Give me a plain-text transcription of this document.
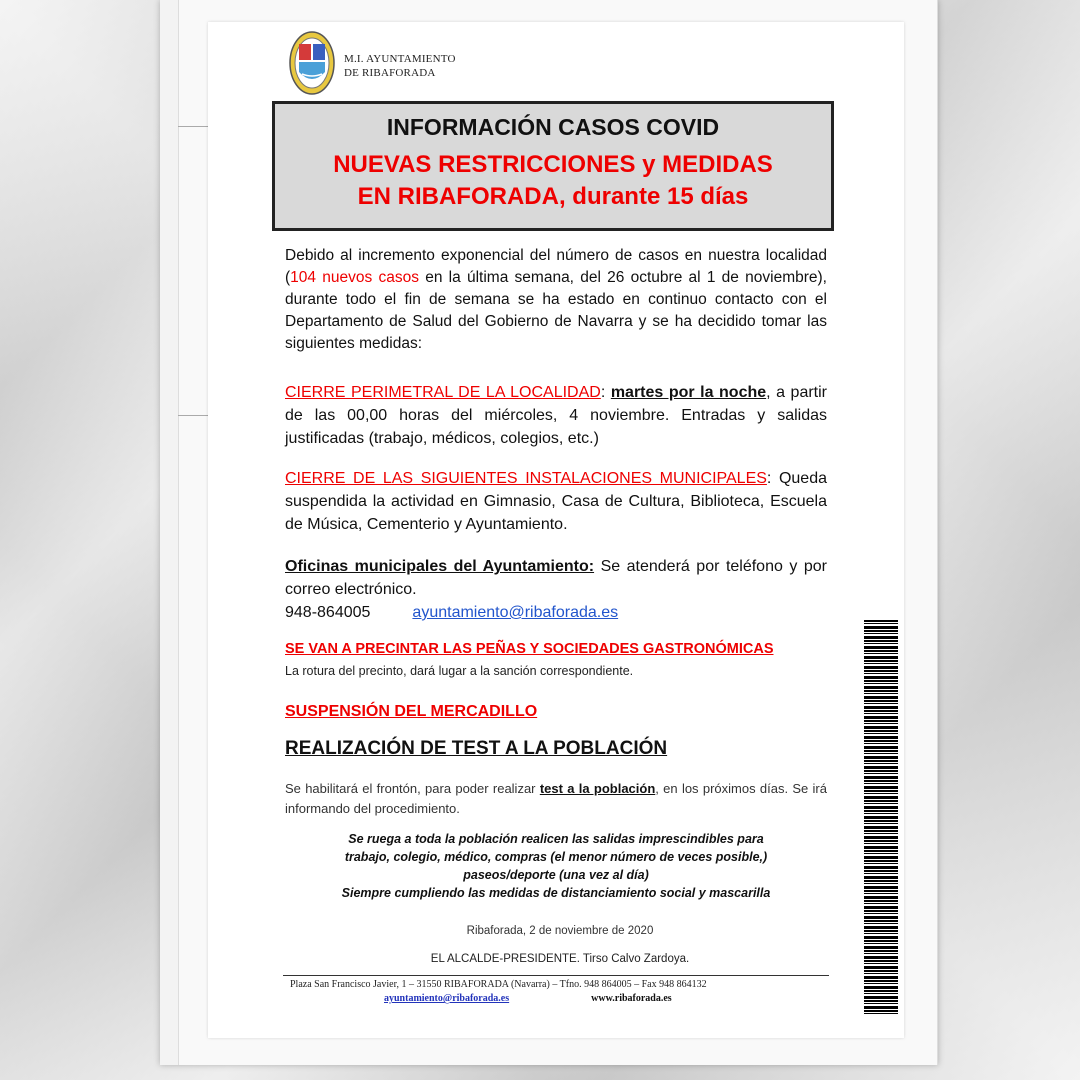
M.I. AYUNTAMIENTO
DE RIBAFORADA
INFORMACIÓN CASOS COVID
NUEVAS RESTRICCIONES y MEDIDAS
EN RIBAFORADA, durante 15 días
Debido al incremento exponencial del número de casos en nuestra localidad (104 nuevos casos en la última semana, del 26 octubre al 1 de noviembre), durante todo el fin de semana se ha estado en continuo contacto con el Departamento de Salud del Gobierno de Navarra y se ha decidido tomar las siguientes medidas:
CIERRE PERIMETRAL DE LA LOCALIDAD: martes por la noche, a partir de las 00,00 horas del miércoles, 4 noviembre. Entradas y salidas justificadas (trabajo, médicos, colegios, etc.)
CIERRE DE LAS SIGUIENTES INSTALACIONES MUNICIPALES: Queda suspendida la actividad en Gimnasio, Casa de Cultura, Biblioteca, Escuela de Música, Cementerio y Ayuntamiento.
Oficinas municipales del Ayuntamiento: Se atenderá por teléfono y por correo electrónico.
948-864005	ayuntamiento@ribaforada.es
SE VAN A PRECINTAR LAS PEÑAS Y SOCIEDADES GASTRONÓMICAS
La rotura del precinto, dará lugar a la sanción correspondiente.
SUSPENSIÓN DEL MERCADILLO
REALIZACIÓN DE TEST A LA POBLACIÓN
Se habilitará el frontón, para poder realizar test a la población, en los próximos días. Se irá informando del procedimiento.
Se ruega a toda la población realicen las salidas imprescindibles para
trabajo, colegio, médico, compras (el menor número de veces posible,)
paseos/deporte (una vez al día)
Siempre cumpliendo las medidas de distanciamiento social y mascarilla
Ribaforada, 2 de noviembre de 2020
EL ALCALDE-PRESIDENTE. Tirso Calvo Zardoya.
Plaza San Francisco Javier, 1 – 31550 RIBAFORADA (Navarra) – Tfno. 948 864005 – Fax 948 864132
ayuntamiento@ribaforada.es	www.ribaforada.es
